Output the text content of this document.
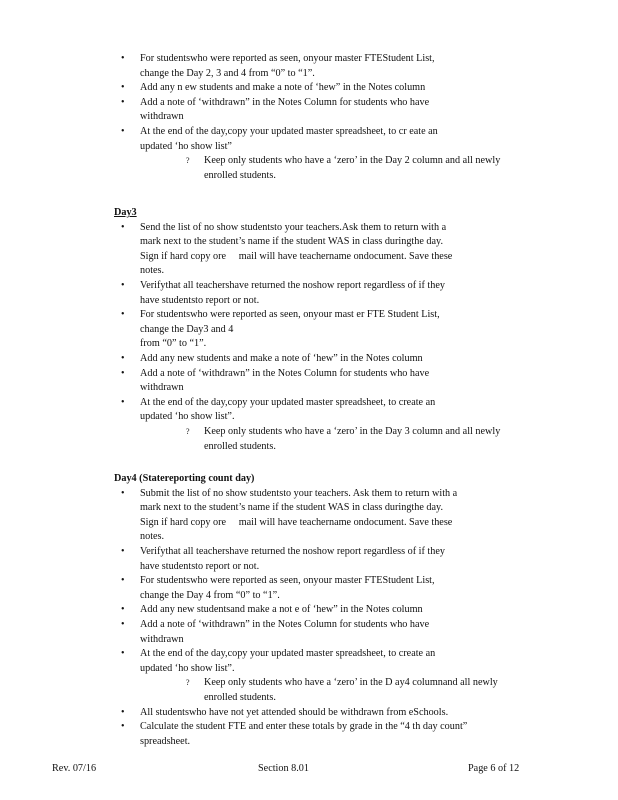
• For studentswho were reported as seen, onyour master FTEStudent List,
change the Day 2, 3 and 4 from “0” to “1”.
• Add any n ew students and make a note of ‘hew” in the Notes column
• Add a note of ‘withdrawn” in the Notes Column for students who have
withdrawn
• At the end of the day,copy your updated master spreadsheet, to cr eate an
updated ‘ho show list”
? Keep only students who have a ‘zero’ in the Day 2 column and all newly
enrolled students.
Day3
• Send the list of no show studentsto your teachers.Ask them to return with a
mark next to the student’s name if the student WAS in class duringthe day.
Sign if hard copy ore  mail will have teachername ondocument. Save these
notes.
• Verifythat all teachershave returned the noshow report regardless of if they
have studentsto report or not.
• For studentswho were reported as seen, onyour mast er FTE Student List,
change the Day3 and 4
from “0” to “1”.
• Add any new students and make a note of ‘hew” in the Notes column
• Add a note of ‘withdrawn” in the Notes Column for students who have
withdrawn
• At the end of the day,copy your updated master spreadsheet, to create an
updated ‘ho show list”.
? Keep only students who have a ‘zero’ in the Day 3 column and all newly
enrolled students.
Day4 (Statereporting count day)
• Submit the list of no show studentsto your teachers. Ask them to return with a
mark next to the student’s name if the student WAS in class duringthe day.
Sign if hard copy ore  mail will have teachername ondocument. Save these
notes.
• Verifythat all teachershave returned the noshow report regardless of if they
have studentsto report or not.
• For studentswho were reported as seen, onyour master FTEStudent List,
change the Day 4 from “0” to “1”.
• Add any new studentsand make a not e of ‘hew” in the Notes column
• Add a note of ‘withdrawn” in the Notes Column for students who have
withdrawn
• At the end of the day,copy your updated master spreadsheet, to create an
updated ‘ho show list”.
? Keep only students who have a ‘zero’ in the D ay4 columnand all newly
enrolled students.
• All studentswho have not yet attended should be withdrawn from eSchools.
• Calculate the student FTE and enter these totals by grade in the “4 th day count”
spreadsheet.
Rev. 07/16	Section 8.01	Page 6 of 12
